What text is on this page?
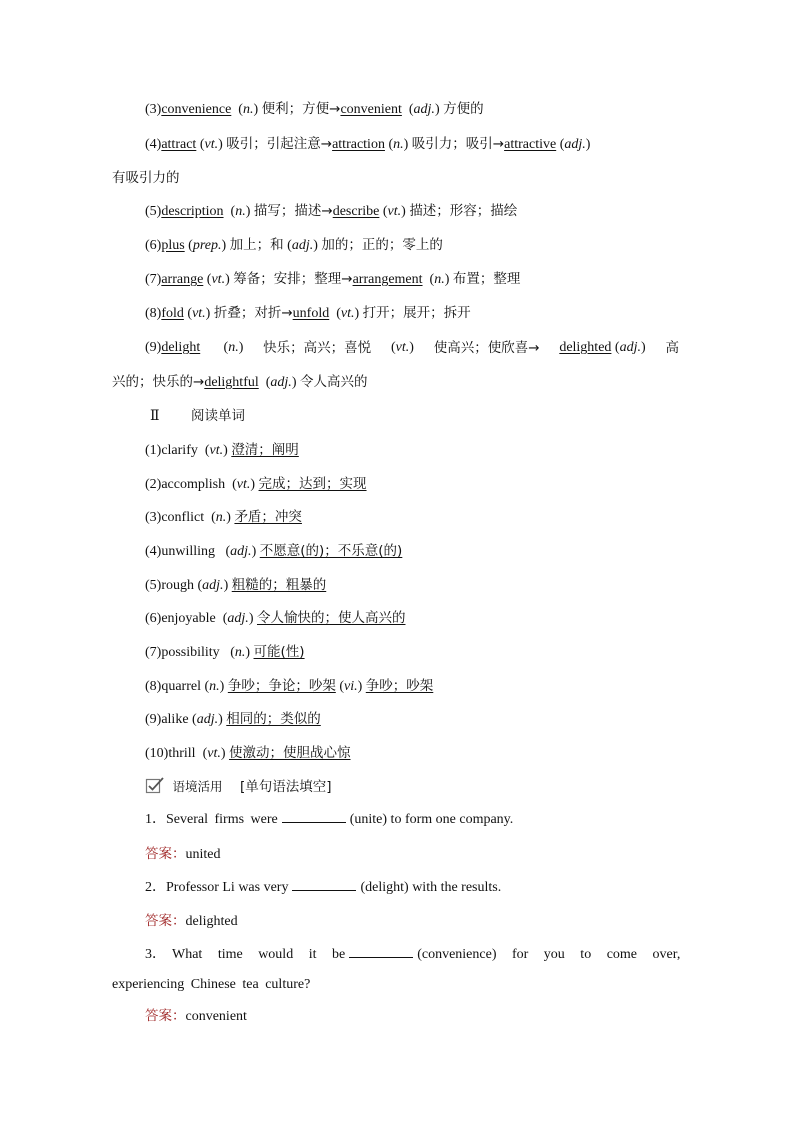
(3)convenience  (n.) 便利；方便→convenient  (adj.) 方便的
(4)attract (vt.) 吸引；引起注意→attraction (n.) 吸引力；吸引→attractive (adj.)
有吸引力的
(5)description  (n.) 描写；描述→describe (vt.) 描述；形容；描绘
(6)plus (prep.) 加上；和 (adj.) 加的；正的；零上的
(7)arrange (vt.) 筹备；安排；整理→arrangement  (n.) 布置；整理
(8)fold (vt.) 折叠；对折→unfold  (vt.) 打开；展开；拆开
(9)delight (n.) 快乐；高兴；喜悦 (vt.) 使高兴；使欣喜→ delighted (adj.) 高
兴的；快乐的→delightful  (adj.) 令人高兴的
Ⅱ 阅读单词
(1)clarify  (vt.) 澄清；阐明
(2)accomplish  (vt.) 完成；达到；实现
(3)conflict  (n.) 矛盾；冲突
(4)unwilling   (adj.) 不愿意(的)；不乐意(的)
(5)rough (adj.) 粗糙的；粗暴的
(6)enjoyable  (adj.) 令人愉快的；使人高兴的
(7)possibility   (n.) 可能(性)
(8)quarrel (n.) 争吵；争论；吵架 (vi.) 争吵；吵架
(9)alike (adj.) 相同的；类似的
(10)thrill  (vt.) 使激动；使胆战心惊
语境活用 [单句语法填空]
1．Several firms were	(unite) to form one company.
答案：united
2．Professor Li was very	(delight) with the results.
答案：delighted
3． What time would it be	(convenience) for you to come over,
experiencing Chinese tea culture?
答案：convenient
